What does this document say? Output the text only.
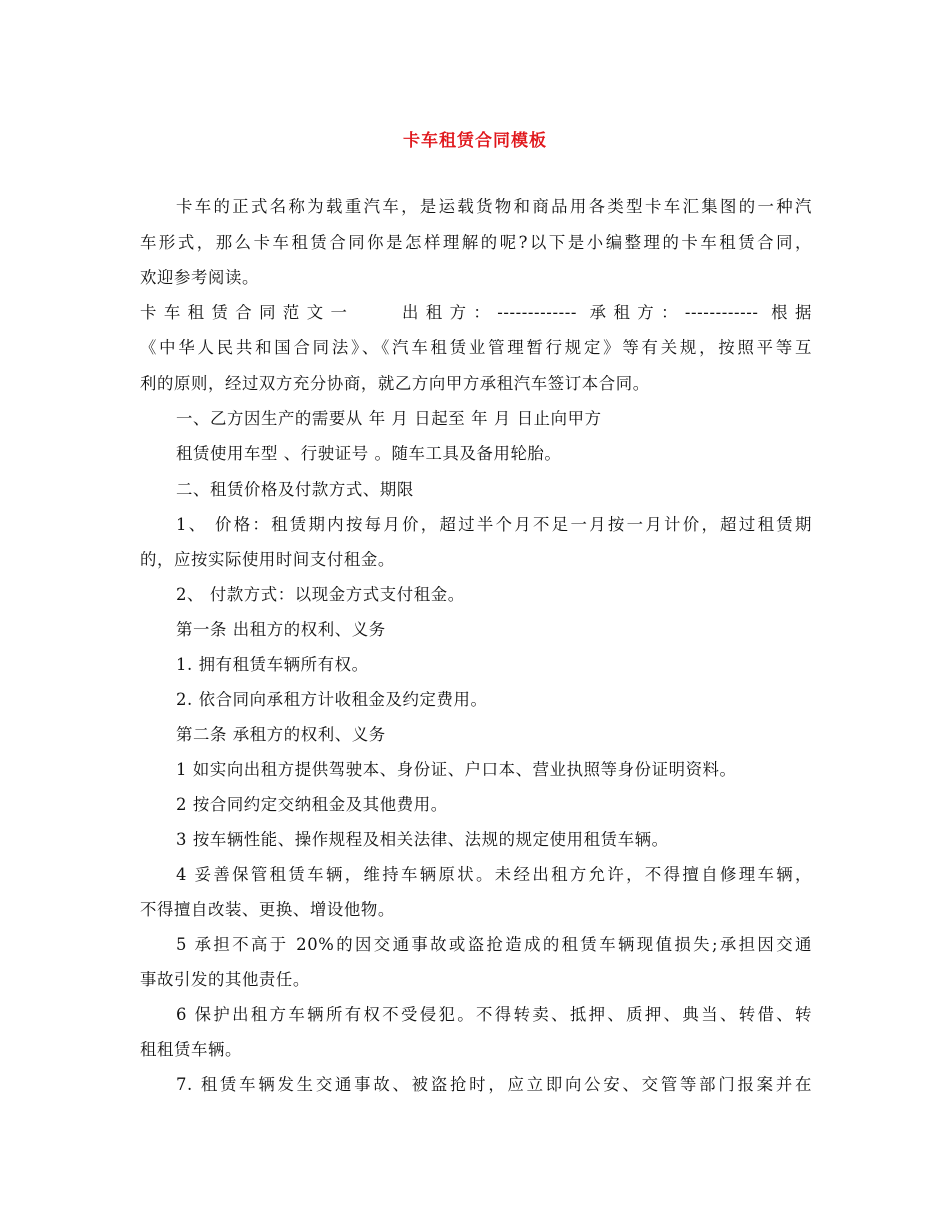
卡车租赁合同模板
卡车的正式名称为载重汽车，是运载货物和商品用各类型卡车汇集图的一种汽
车形式，那么卡车租赁合同你是怎样理解的呢?以下是小编整理的卡车租赁合同，
欢迎参考阅读。
卡车租赁合同范文一　　出租方：------------- 承租方：------------ 根据
《中华人民共和国合同法》、《汽车租赁业管理暂行规定》等有关规，按照平等互
利的原则，经过双方充分协商，就乙方向甲方承租汽车签订本合同。
一、乙方因生产的需要从 年 月 日起至 年 月 日止向甲方
租赁使用车型 、行驶证号 。随车工具及备用轮胎。
二、租赁价格及付款方式、期限
1、 价格：租赁期内按每月价，超过半个月不足一月按一月计价，超过租赁期
的，应按实际使用时间支付租金。
2、 付款方式：以现金方式支付租金。
第一条 出租方的权利、义务
1. 拥有租赁车辆所有权。
2. 依合同向承租方计收租金及约定费用。
第二条 承租方的权利、义务
1 如实向出租方提供驾驶本、身份证、户口本、营业执照等身份证明资料。
2 按合同约定交纳租金及其他费用。
3 按车辆性能、操作规程及相关法律、法规的规定使用租赁车辆。
4 妥善保管租赁车辆，维持车辆原状。未经出租方允许，不得擅自修理车辆，
不得擅自改装、更换、增设他物。
5 承担不高于 20%的因交通事故或盗抢造成的租赁车辆现值损失;承担因交通
事故引发的其他责任。
6 保护出租方车辆所有权不受侵犯。不得转卖、抵押、质押、典当、转借、转
租租赁车辆。
7. 租赁车辆发生交通事故、被盗抢时，应立即向公安、交管等部门报案并在
